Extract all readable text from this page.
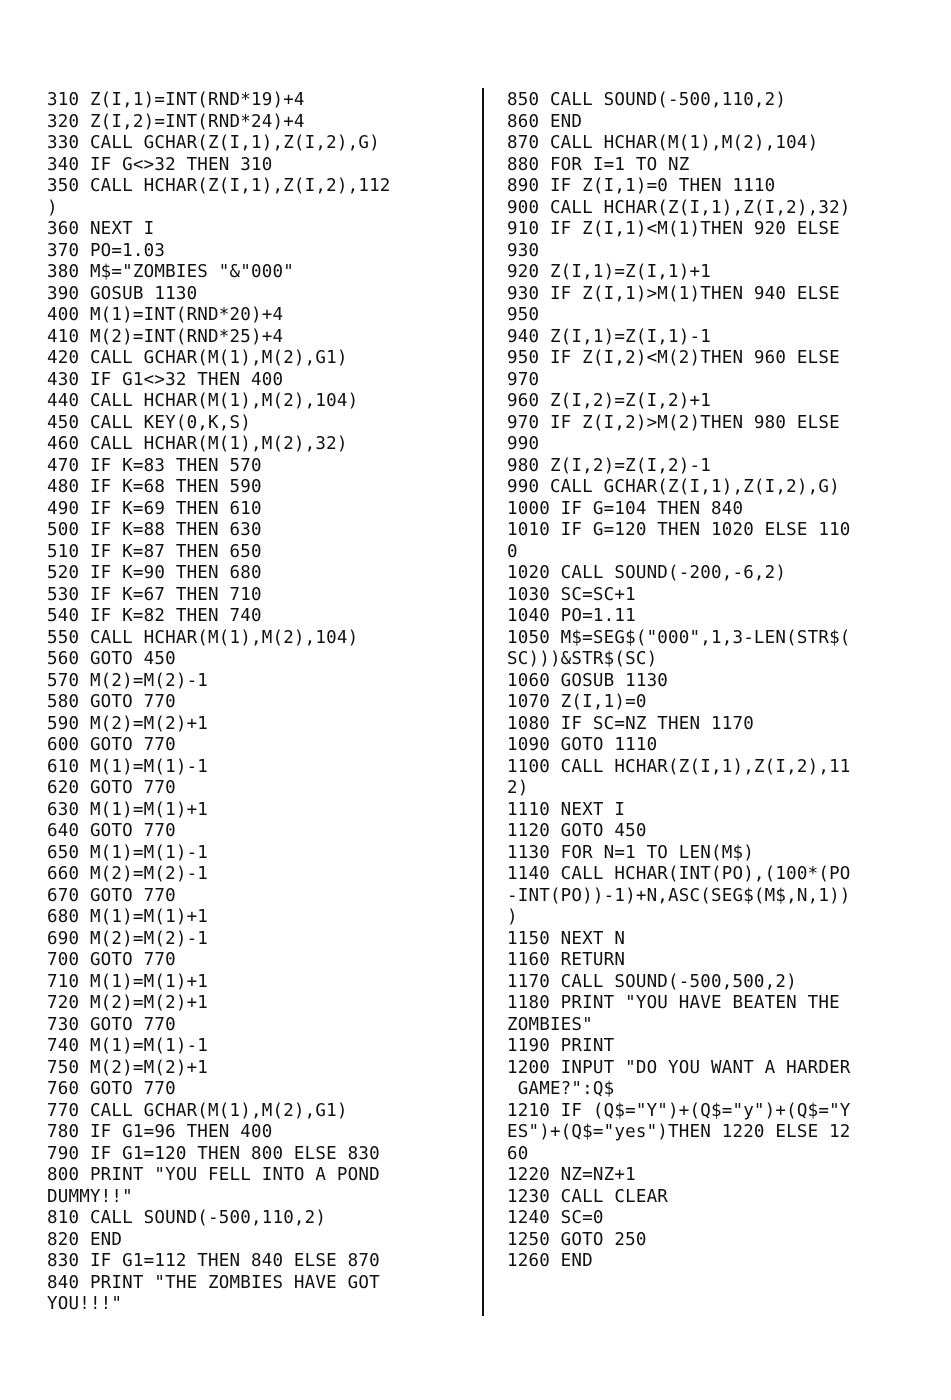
310 Z(I,1)=INT(RND*19)+4
320 Z(I,2)=INT(RND*24)+4
330 CALL GCHAR(Z(I,1),Z(I,2),G)
340 IF G<>32 THEN 310
350 CALL HCHAR(Z(I,1),Z(I,2),112
)
360 NEXT I
370 PO=1.03
380 M$="ZOMBIES "&"000"
390 GOSUB 1130
400 M(1)=INT(RND*20)+4
410 M(2)=INT(RND*25)+4
420 CALL GCHAR(M(1),M(2),G1)
430 IF G1<>32 THEN 400
440 CALL HCHAR(M(1),M(2),104)
450 CALL KEY(0,K,S)
460 CALL HCHAR(M(1),M(2),32)
470 IF K=83 THEN 570
480 IF K=68 THEN 590
490 IF K=69 THEN 610
500 IF K=88 THEN 630
510 IF K=87 THEN 650
520 IF K=90 THEN 680
530 IF K=67 THEN 710
540 IF K=82 THEN 740
550 CALL HCHAR(M(1),M(2),104)
560 GOTO 450
570 M(2)=M(2)-1
580 GOTO 770
590 M(2)=M(2)+1
600 GOTO 770
610 M(1)=M(1)-1
620 GOTO 770
630 M(1)=M(1)+1
640 GOTO 770
650 M(1)=M(1)-1
660 M(2)=M(2)-1
670 GOTO 770
680 M(1)=M(1)+1
690 M(2)=M(2)-1
700 GOTO 770
710 M(1)=M(1)+1
720 M(2)=M(2)+1
730 GOTO 770
740 M(1)=M(1)-1
750 M(2)=M(2)+1
760 GOTO 770
770 CALL GCHAR(M(1),M(2),G1)
780 IF G1=96 THEN 400
790 IF G1=120 THEN 800 ELSE 830
800 PRINT "YOU FELL INTO A POND
DUMMY!!"
810 CALL SOUND(-500,110,2)
820 END
830 IF G1=112 THEN 840 ELSE 870
840 PRINT "THE ZOMBIES HAVE GOT
YOU!!!"
850 CALL SOUND(-500,110,2)
860 END
870 CALL HCHAR(M(1),M(2),104)
880 FOR I=1 TO NZ
890 IF Z(I,1)=0 THEN 1110
900 CALL HCHAR(Z(I,1),Z(I,2),32)
910 IF Z(I,1)<M(1)THEN 920 ELSE
930
920 Z(I,1)=Z(I,1)+1
930 IF Z(I,1)>M(1)THEN 940 ELSE
950
940 Z(I,1)=Z(I,1)-1
950 IF Z(I,2)<M(2)THEN 960 ELSE
970
960 Z(I,2)=Z(I,2)+1
970 IF Z(I,2)>M(2)THEN 980 ELSE
990
980 Z(I,2)=Z(I,2)-1
990 CALL GCHAR(Z(I,1),Z(I,2),G)
1000 IF G=104 THEN 840
1010 IF G=120 THEN 1020 ELSE 110
0
1020 CALL SOUND(-200,-6,2)
1030 SC=SC+1
1040 PO=1.11
1050 M$=SEG$("000",1,3-LEN(STR$(
SC)))&STR$(SC)
1060 GOSUB 1130
1070 Z(I,1)=0
1080 IF SC=NZ THEN 1170
1090 GOTO 1110
1100 CALL HCHAR(Z(I,1),Z(I,2),11
2)
1110 NEXT I
1120 GOTO 450
1130 FOR N=1 TO LEN(M$)
1140 CALL HCHAR(INT(PO),(100*(PO
-INT(PO))-1)+N,ASC(SEG$(M$,N,1))
)
1150 NEXT N
1160 RETURN
1170 CALL SOUND(-500,500,2)
1180 PRINT "YOU HAVE BEATEN THE
ZOMBIES"
1190 PRINT
1200 INPUT "DO YOU WANT A HARDER
GAME?":Q$
1210 IF (Q$="Y")+(Q$="y")+(Q$="Y
ES")+(Q$="yes")THEN 1220 ELSE 12
60
1220 NZ=NZ+1
1230 CALL CLEAR
1240 SC=0
1250 GOTO 250
1260 END
